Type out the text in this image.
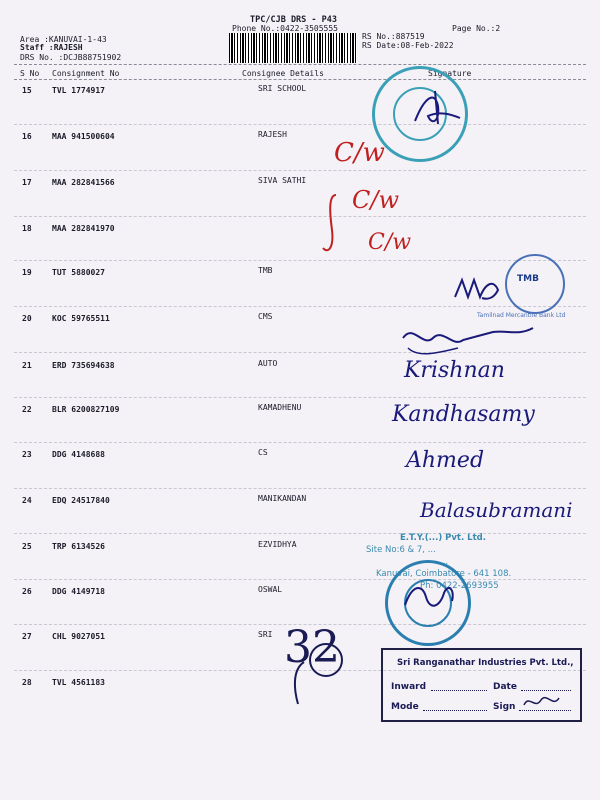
TPC/CJB DRS - P43
Phone No.:0422-3505555	Page No.:2
Area :KANUVAI-1-43
Staff :RAJESH
DRS No. :DCJB88751902
RS No.:887519
RS Date:08-Feb-2022
S No Consignment No	Consignee Details	Signature
15	TVL 1774917	SRI SCHOOL
16	MAA 941500604	RAJESH
17	MAA 282841566	SIVA SATHI
18	MAA 282841970
19	TUT 5880027	TMB
20	KOC 59765511	CMS
21	ERD 735694638	AUTO
22	BLR 6200827109	KAMADHENU
23	DDG 4148688	CS
24	EDQ 24517840	MANIKANDAN
25	TRP 6134526	EZVIDHYA
26	DDG 4149718	OSWAL
27	CHL 9027051	SRI
28	TVL 4561183
C/w
C/w
C/w
TMB
Tamilnad Mercantile Bank Ltd
Krishnan
Kandhasamy
Ahmed
Balasubramani
E.T.Y.(...) Pvt. Ltd.
Site No:6 & 7, ...
...
Kanuvai, Coimbatore - 641 108.
Ph: 0422-2693955
32	Sri Ranganathar Industries Pvt. Ltd.,
Inward	Date
Mode	Sign
